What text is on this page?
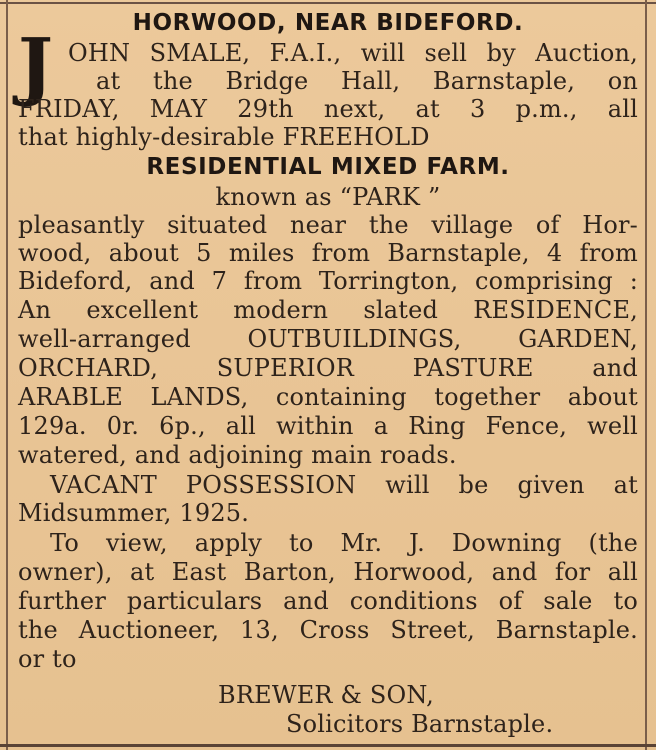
HORWOOD, NEAR BIDEFORD.
J OHN SMALE, F.A.I., will sell by Auction,
at the Bridge Hall, Barnstaple, on
FRIDAY, MAY 29th next, at 3 p.m., all
that highly-desirable FREEHOLD
RESIDENTIAL MIXED FARM.
known as “PARK ”
pleasantly situated near the village of Hor-
wood, about 5 miles from Barnstaple, 4 from
Bideford, and 7 from Torrington, comprising :
An excellent modern slated RESIDENCE,
well-arranged OUTBUILDINGS, GARDEN,
ORCHARD, SUPERIOR PASTURE and
ARABLE LANDS, containing together about
129a. 0r. 6p., all within a Ring Fence, well
watered, and adjoining main roads.
VACANT POSSESSION will be given at
Midsummer, 1925.
To view, apply to Mr. J. Downing (the
owner), at East Barton, Horwood, and for all
further particulars and conditions of sale to
the Auctioneer, 13, Cross Street, Barnstaple.
or to
BREWER & SON,
Solicitors Barnstaple.
